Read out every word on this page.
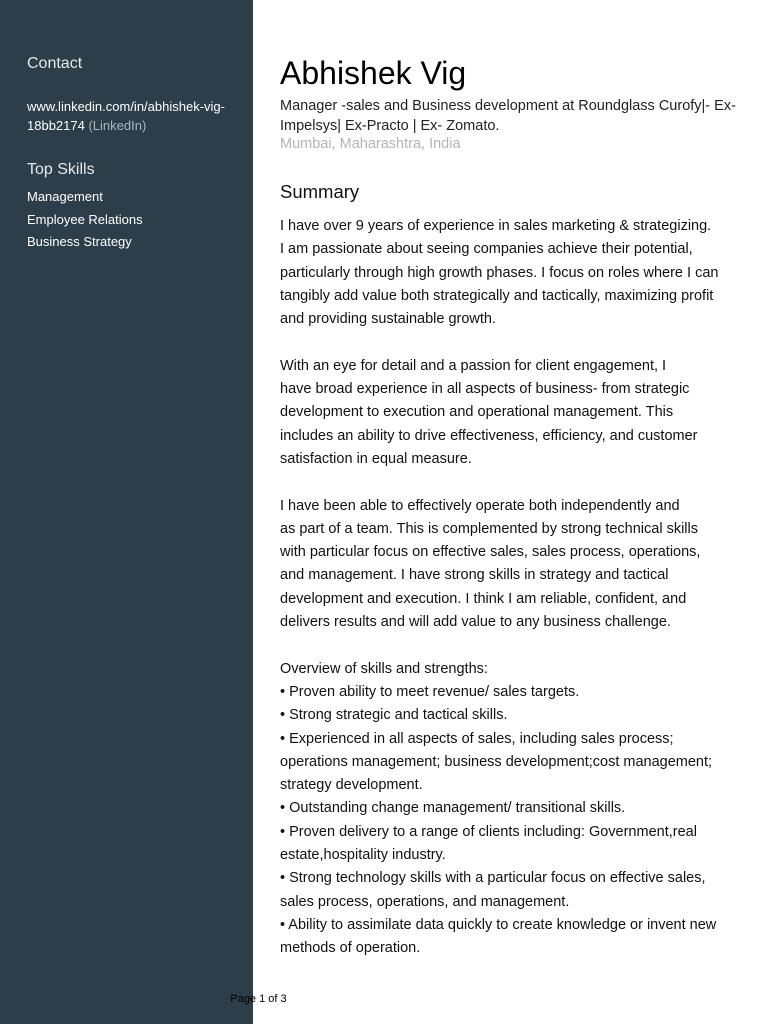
Contact
www.linkedin.com/in/abhishek-vig-18bb2174 (LinkedIn)
Top Skills
Management
Employee Relations
Business Strategy
Abhishek Vig
Manager -sales and Business development at Roundglass Curofy|- Ex-Impelsys| Ex-Practo | Ex- Zomato.
Mumbai, Maharashtra, India
Summary
I have over 9 years of experience in sales marketing & strategizing.
I am passionate about seeing companies achieve their potential,
particularly through high growth phases. I focus on roles where I can
tangibly add value both strategically and tactically, maximizing profit
and providing sustainable growth.
With an eye for detail and a passion for client engagement, I
have broad experience in all aspects of business- from strategic
development to execution and operational management. This
includes an ability to drive effectiveness, efficiency, and customer
satisfaction in equal measure.
I have been able to effectively operate both independently and
as part of a team. This is complemented by strong technical skills
with particular focus on effective sales, sales process, operations,
and management. I have strong skills in strategy and tactical
development and execution. I think I am reliable, confident, and
delivers results and will add value to any business challenge.
Overview of skills and strengths:
• Proven ability to meet revenue/ sales targets.
• Strong strategic and tactical skills.
• Experienced in all aspects of sales, including sales process;
operations management; business development;cost management;
strategy development.
• Outstanding change management/ transitional skills.
• Proven delivery to a range of clients including: Government,real
estate,hospitality industry.
• Strong technology skills with a particular focus on effective sales,
sales process, operations, and management.
• Ability to assimilate data quickly to create knowledge or invent new
methods of operation.
Page 1 of 3
